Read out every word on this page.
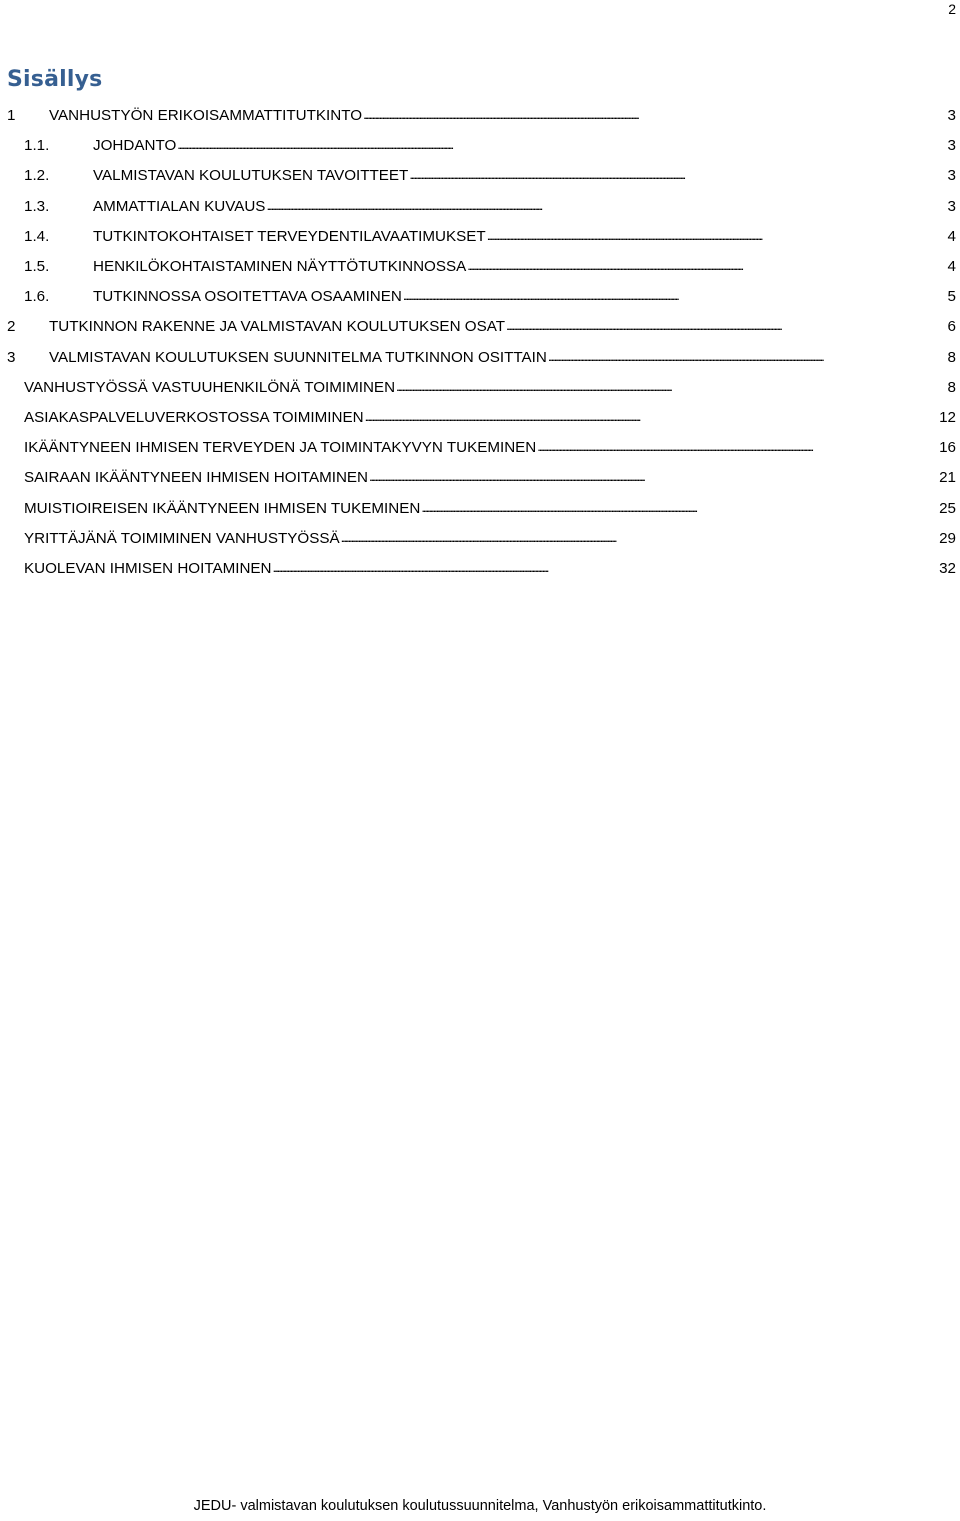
2
Sisällys
1	VANHUSTYÖN ERIKOISAMMATTITUTKINTO . . .	3
1.1.	JOHDANTO . . .	3
1.2.	VALMISTAVAN KOULUTUKSEN TAVOITTEET . . .	3
1.3.	AMMATTIALAN KUVAUS . . .	3
1.4.	TUTKINTOKOHTAISET TERVEYDENTILAVAATIMUKSET . . .	4
1.5.	HENKILÖKOHTAISTAMINEN NÄYTTÖTUTKINNOSSA . . .	4
1.6.	TUTKINNOSSA OSOITETTAVA OSAAMINEN . . .	5
2	TUTKINNON RAKENNE JA VALMISTAVAN KOULUTUKSEN OSAT . . .	6
3	VALMISTAVAN KOULUTUKSEN SUUNNITELMA TUTKINNON OSITTAIN . . .	8
VANHUSTYÖSSÄ VASTUUHENKILÖNÄ TOIMIMINEN . . .	8
ASIAKASPALVELUVERKOSTOSSA TOIMIMINEN . . .	12
IKÄÄNTYNEEN IHMISEN TERVEYDEN JA TOIMINTAKYVYN TUKEMINEN . . .	16
SAIRAAN IKÄÄNTYNEEN IHMISEN HOITAMINEN . . .	21
MUISTIOIREISEN IKÄÄNTYNEEN IHMISEN TUKEMINEN . . .	25
YRITTÄJÄNÄ TOIMIMINEN VANHUSTYÖSSÄ . . .	29
KUOLEVAN IHMISEN HOITAMINEN . . .	32
JEDU- valmistavan koulutuksen koulutussuunnitelma, Vanhustyön erikoisammattitutkinto.
